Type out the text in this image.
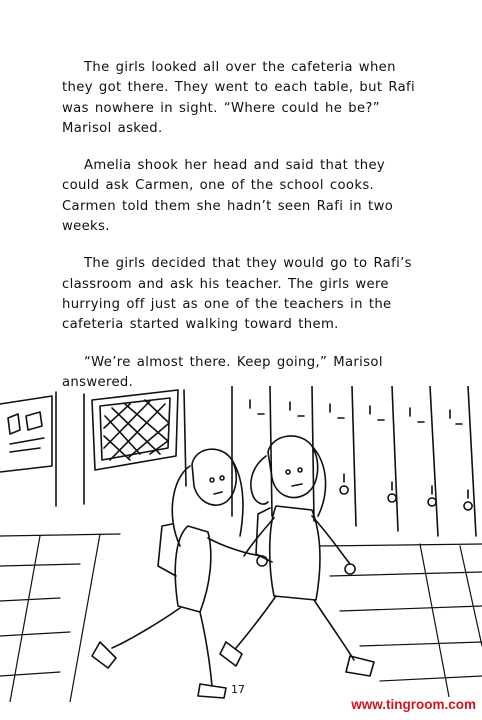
The girls looked all over the cafeteria when they got there. They went to each table, but Rafi was nowhere in sight. “Where could he be?” Marisol asked.

Amelia shook her head and said that they could ask Carmen, one of the school cooks. Carmen told them she hadn’t seen Rafi in two weeks.

The girls decided that they would go to Rafi’s classroom and ask his teacher. The girls were hurrying off just as one of the teachers in the cafeteria started walking toward them.

“We’re almost there. Keep going,” Marisol answered.

17
www.tingroom.com
